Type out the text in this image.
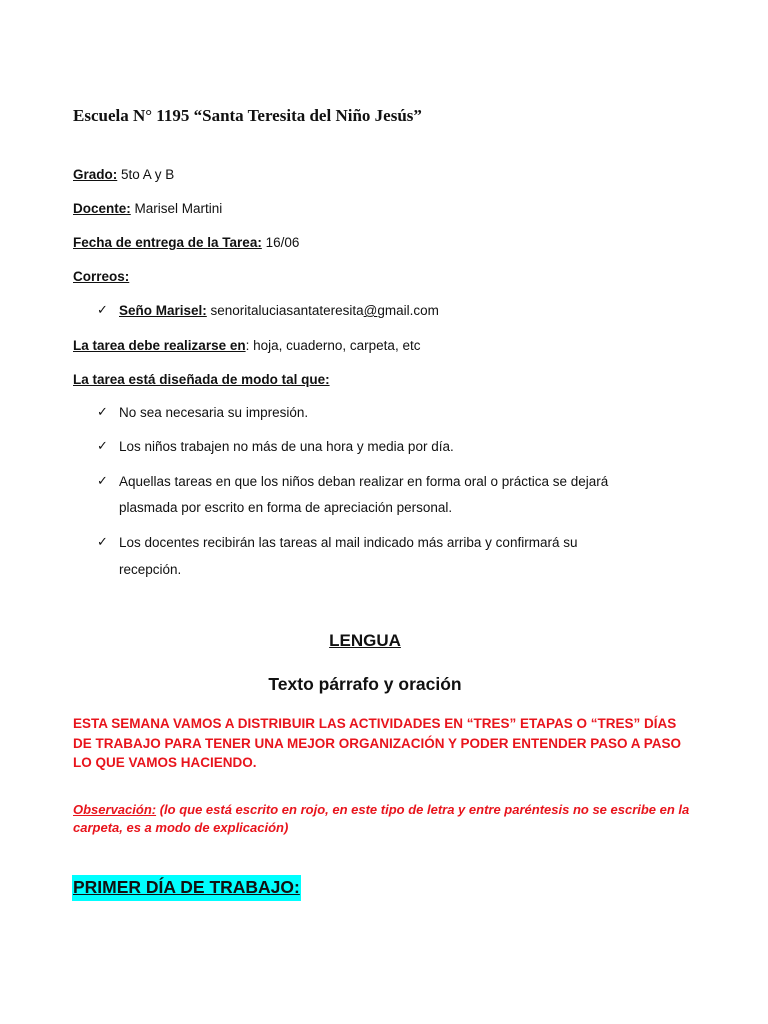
Escuela N° 1195 “Santa Teresita del Niño Jesús”
Grado: 5to A y B
Docente: Marisel Martini
Fecha de entrega de la Tarea: 16/06
Correos:
✓ Seño Marisel: senoritaluciasantateresita@gmail.com
La tarea debe realizarse en: hoja, cuaderno, carpeta, etc
La tarea está diseñada de modo tal que:
✓ No sea necesaria su impresión.
✓ Los niños trabajen no más de una hora y media por día.
✓ Aquellas tareas en que los niños deban realizar en forma oral o práctica se dejará
plasmada por escrito en forma de apreciación personal.
✓ Los docentes recibirán las tareas al mail indicado más arriba y confirmará su
recepción.
LENGUA
Texto párrafo y oración
ESTA SEMANA VAMOS A DISTRIBUIR LAS ACTIVIDADES EN “TRES” ETAPAS O “TRES” DÍAS
DE TRABAJO PARA TENER UNA MEJOR ORGANIZACIÓN Y PODER ENTENDER PASO A PASO
LO QUE VAMOS HACIENDO.
Observación: (lo que está escrito en rojo, en este tipo de letra y entre paréntesis no se escribe en la
carpeta, es a modo de explicación)
PRIMER DÍA DE TRABAJO:
